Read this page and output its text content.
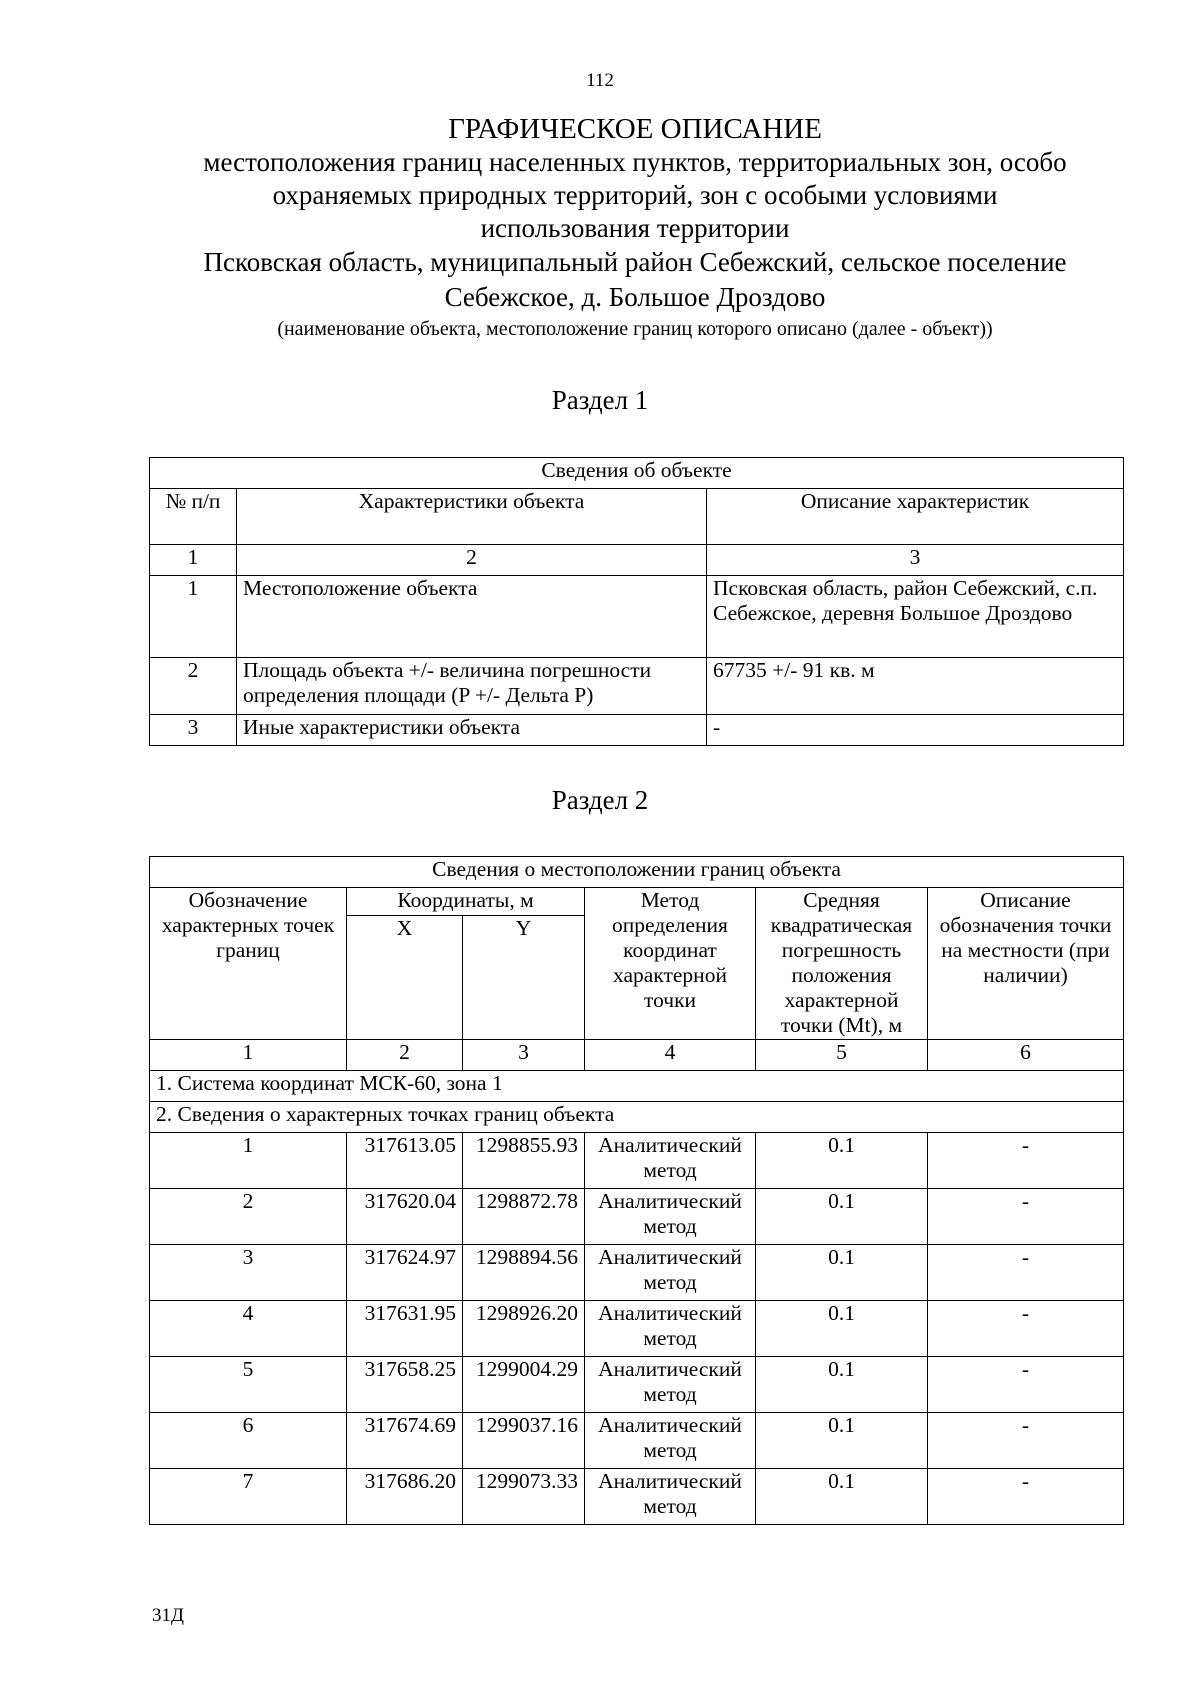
112
ГРАФИЧЕСКОЕ ОПИСАНИЕ
местоположения границ населенных пунктов, территориальных зон, особо
охраняемых природных территорий, зон с особыми условиями
использования территории
Псковская область, муниципальный район Себежский, сельское поселение
Себежское, д. Большое Дроздово
(наименование объекта, местоположение границ которого описано (далее - объект))
Раздел 1
Сведения об объекте		
№ п/п	Характеристики объекта	Описание характеристик
1	2	3
1	Местоположение объекта	Псковская область, район Себежский, с.п. Себежское, деревня Большое Дроздово
2	Площадь объекта +/- величина погрешности определения площади (P +/- Дельта P)	67735 +/- 91 кв. м
3	Иные характеристики объекта	-
Раздел 2
Сведения о местоположении границ объекта					
Обозначение характерных точек границ	Координаты, м		Метод определения координат характерной точки	Средняя квадратическая погрешность положения характерной точки (Mt), м	Описание обозначения точки на местности (при наличии)
	X	Y			
1	2	3	4	5	6
1. Система координат МСК-60, зона 1					
2. Сведения о характерных точках границ объекта					
1	317613.05	1298855.93	Аналитический метод	0.1	-
2	317620.04	1298872.78	Аналитический метод	0.1	-
3	317624.97	1298894.56	Аналитический метод	0.1	-
4	317631.95	1298926.20	Аналитический метод	0.1	-
5	317658.25	1299004.29	Аналитический метод	0.1	-
6	317674.69	1299037.16	Аналитический метод	0.1	-
7	317686.20	1299073.33	Аналитический метод	0.1	-
31Д
